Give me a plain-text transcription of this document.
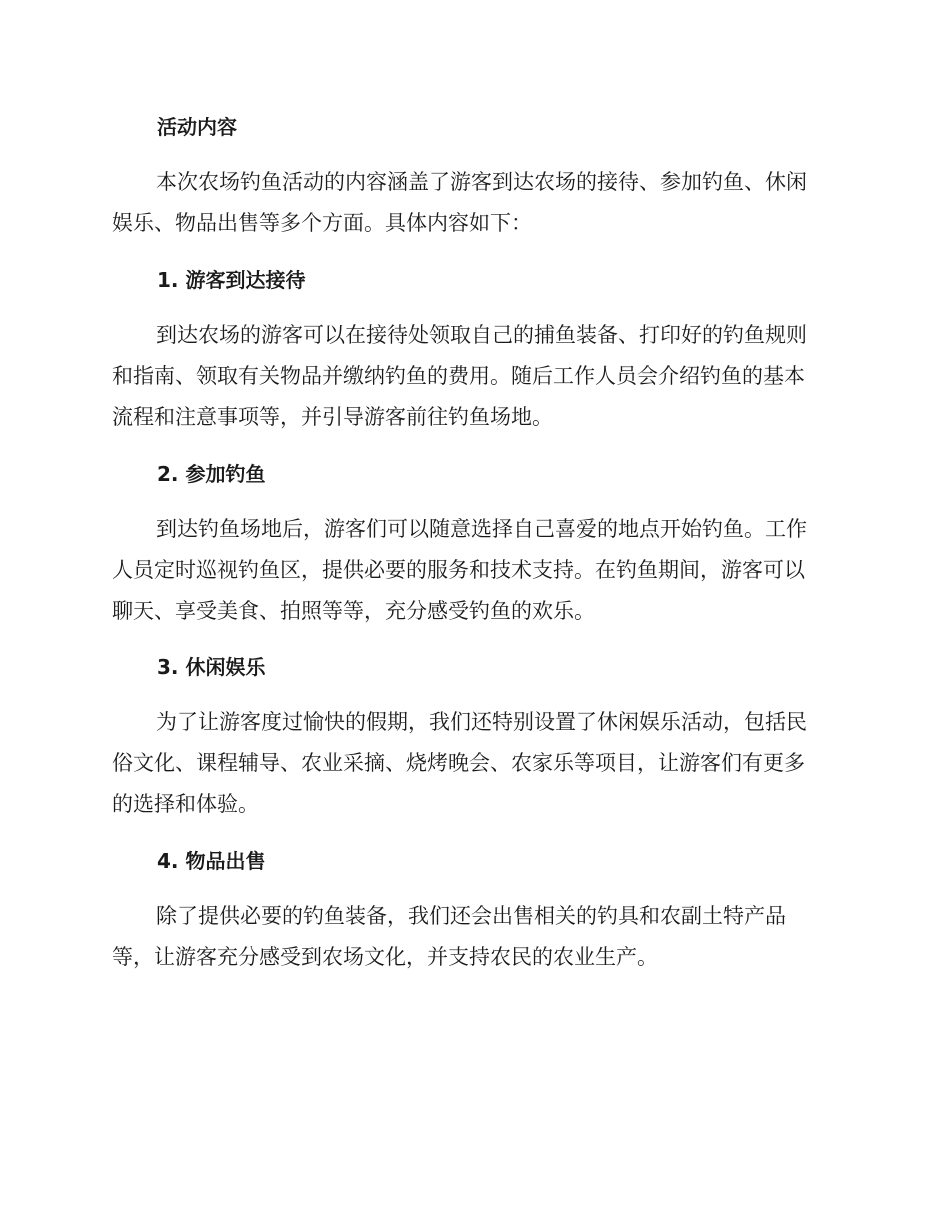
活动内容
本次农场钓鱼活动的内容涵盖了游客到达农场的接待、参加钓鱼、休闲
娱乐、物品出售等多个方面。具体内容如下：
1. 游客到达接待
到达农场的游客可以在接待处领取自己的捕鱼装备、打印好的钓鱼规则
和指南、领取有关物品并缴纳钓鱼的费用。随后工作人员会介绍钓鱼的基本
流程和注意事项等，并引导游客前往钓鱼场地。
2. 参加钓鱼
到达钓鱼场地后，游客们可以随意选择自己喜爱的地点开始钓鱼。工作
人员定时巡视钓鱼区，提供必要的服务和技术支持。在钓鱼期间，游客可以
聊天、享受美食、拍照等等，充分感受钓鱼的欢乐。
3. 休闲娱乐
为了让游客度过愉快的假期，我们还特别设置了休闲娱乐活动，包括民
俗文化、课程辅导、农业采摘、烧烤晚会、农家乐等项目，让游客们有更多
的选择和体验。
4. 物品出售
除了提供必要的钓鱼装备，我们还会出售相关的钓具和农副土特产品
等，让游客充分感受到农场文化，并支持农民的农业生产。
